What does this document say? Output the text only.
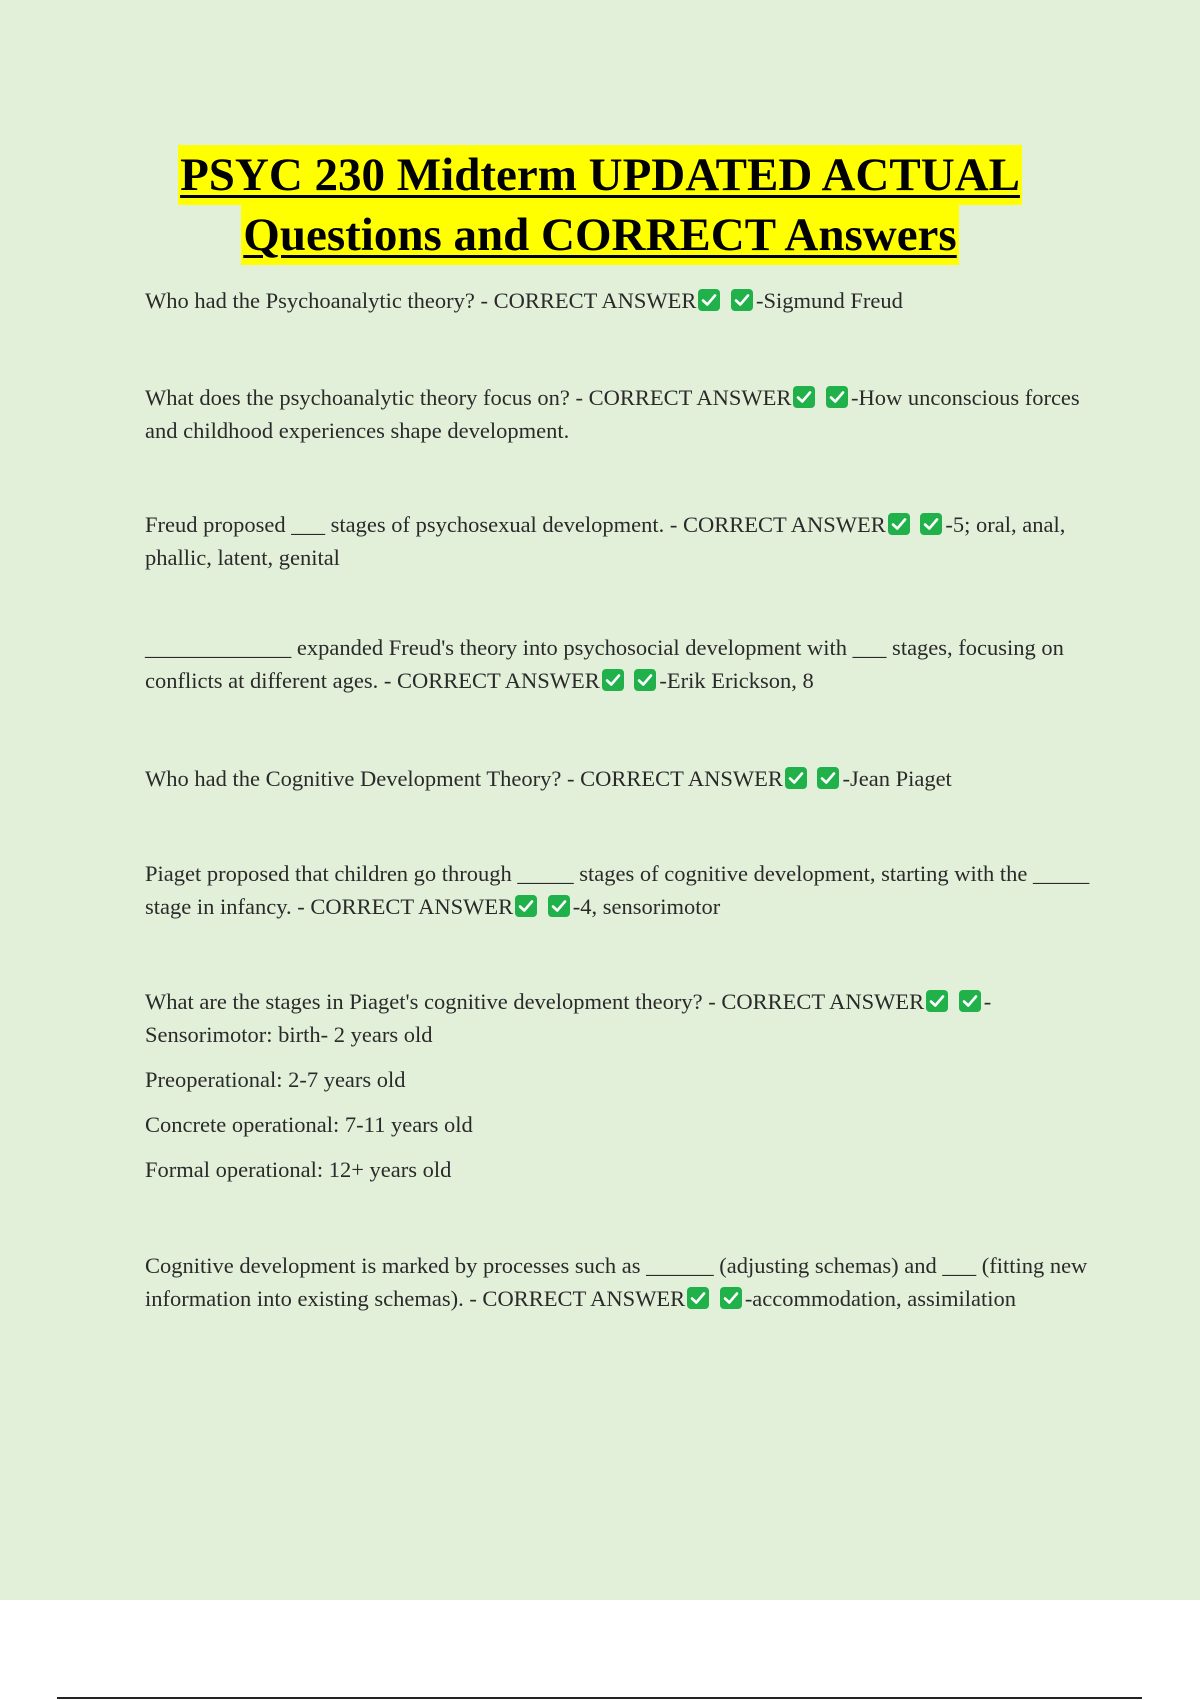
PSYC 230 Midterm UPDATED ACTUAL
Questions and CORRECT Answers

Who had the Psychoanalytic theory? - CORRECT ANSWER
	-Sigmund Freud

What does the psychoanalytic theory focus on? - CORRECT ANSWER
	-How unconscious forces and childhood experiences shape development.

Freud proposed ___ stages of psychosexual development. - CORRECT ANSWER
	-5; oral, anal, phallic, latent, genital

_____________ expanded Freud's theory into psychosocial development with ___ stages, focusing on conflicts at different ages. - CORRECT ANSWER
	-Erik Erickson, 8

Who had the Cognitive Development Theory? - CORRECT ANSWER
	-Jean Piaget

Piaget proposed that children go through _____ stages of cognitive development, starting with the _____ stage in infancy. - CORRECT ANSWER
	-4, sensorimotor

What are the stages in Piaget's cognitive development theory? - CORRECT ANSWER
	- Sensorimotor: birth- 2 years old

Preoperational: 2-7 years old

Concrete operational: 7-11 years old

Formal operational: 12+ years old

Cognitive development is marked by processes such as ______ (adjusting schemas) and ___ (fitting new information into existing schemas). - CORRECT ANSWER
	-accommodation, assimilation
